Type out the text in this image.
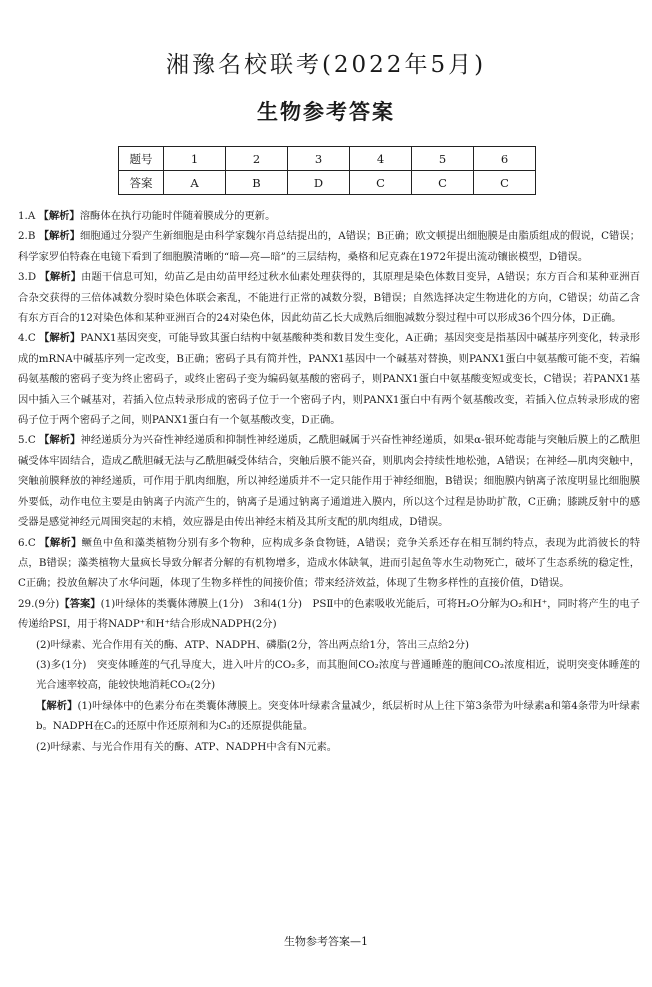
湘豫名校联考(2022年5月)
生物参考答案
题号	1	2	3	4	5	6
答案	A	B	D	C	C	C

1.A 【解析】溶酶体在执行功能时伴随着膜成分的更新。

2.B 【解析】细胞通过分裂产生新细胞是由科学家魏尔肖总结提出的，A错误；B正确；欧文顿提出细胞膜是由脂质组成的假说，C错误；科学家罗伯特森在电镜下看到了细胞膜清晰的“暗—亮—暗”的三层结构，桑格和尼克森在1972年提出流动镶嵌模型，D错误。

3.D 【解析】由题干信息可知，幼苗乙是由幼苗甲经过秋水仙素处理获得的，其原理是染色体数目变异，A错误；东方百合和某种亚洲百合杂交获得的三倍体减数分裂时染色体联会紊乱，不能进行正常的减数分裂，B错误；自然选择决定生物进化的方向，C错误；幼苗乙含有东方百合的12对染色体和某种亚洲百合的24对染色体，因此幼苗乙长大成熟后细胞减数分裂过程中可以形成36个四分体，D正确。

4.C 【解析】PANX1基因突变，可能导致其蛋白结构中氨基酸种类和数目发生变化，A正确；基因突变是指基因中碱基序列变化，转录形成的mRNA中碱基序列一定改变，B正确；密码子具有简并性，PANX1基因中一个碱基对替换，则PANX1蛋白中氨基酸可能不变，若编码氨基酸的密码子变为终止密码子，或终止密码子变为编码氨基酸的密码子，则PANX1蛋白中氨基酸变短或变长，C错误；若PANX1基因中插入三个碱基对，若插入位点转录形成的密码子位于一个密码子内，则PANX1蛋白中有两个氨基酸改变，若插入位点转录形成的密码子位于两个密码子之间，则PANX1蛋白有一个氨基酸改变，D正确。

5.C 【解析】神经递质分为兴奋性神经递质和抑制性神经递质，乙酰胆碱属于兴奋性神经递质，如果α-银环蛇毒能与突触后膜上的乙酰胆碱受体牢固结合，造成乙酰胆碱无法与乙酰胆碱受体结合，突触后膜不能兴奋，则肌肉会持续性地松弛，A错误；在神经—肌肉突触中，突触前膜释放的神经递质，可作用于肌肉细胞，所以神经递质并不一定只能作用于神经细胞，B错误；细胞膜内钠离子浓度明显比细胞膜外要低，动作电位主要是由钠离子内流产生的，钠离子是通过钠离子通道进入膜内，所以这个过程是协助扩散，C正确；膝跳反射中的感受器是感觉神经元周围突起的末梢，效应器是由传出神经末梢及其所支配的肌肉组成，D错误。

6.C 【解析】鳜鱼中鱼和藻类植物分别有多个物种，应构成多条食物链，A错误；竞争关系还存在相互制约特点，表现为此消彼长的特点，B错误；藻类植物大量疯长导致分解者分解的有机物增多，造成水体缺氧，进而引起鱼等水生动物死亡，破坏了生态系统的稳定性，C正确；投放鱼解决了水华问题，体现了生物多样性的间接价值；带来经济效益，体现了生物多样性的直接价值，D错误。

29.(9分)【答案】(1)叶绿体的类囊体薄膜上(1分)　3和4(1分)　PSⅡ中的色素吸收光能后，可将H₂O分解为O₂和H⁺，同时将产生的电子传递给PSⅠ，用于将NADP⁺和H⁺结合形成NADPH(2分)

(2)叶绿素、光合作用有关的酶、ATP、NADPH、磷脂(2分，答出两点给1分，答出三点给2分)

(3)多(1分)　突变体睡莲的气孔导度大，进入叶片的CO₂多，而其胞间CO₂浓度与普通睡莲的胞间CO₂浓度相近，说明突变体睡莲的光合速率较高，能较快地消耗CO₂(2分)

【解析】(1)叶绿体中的色素分布在类囊体薄膜上。突变体叶绿素含量减少，纸层析时从上往下第3条带为叶绿素a和第4条带为叶绿素b。NADPH在C₃的还原中作还原剂和为C₃的还原提供能量。

(2)叶绿素、与光合作用有关的酶、ATP、NADPH中含有N元素。

生物参考答案—1
